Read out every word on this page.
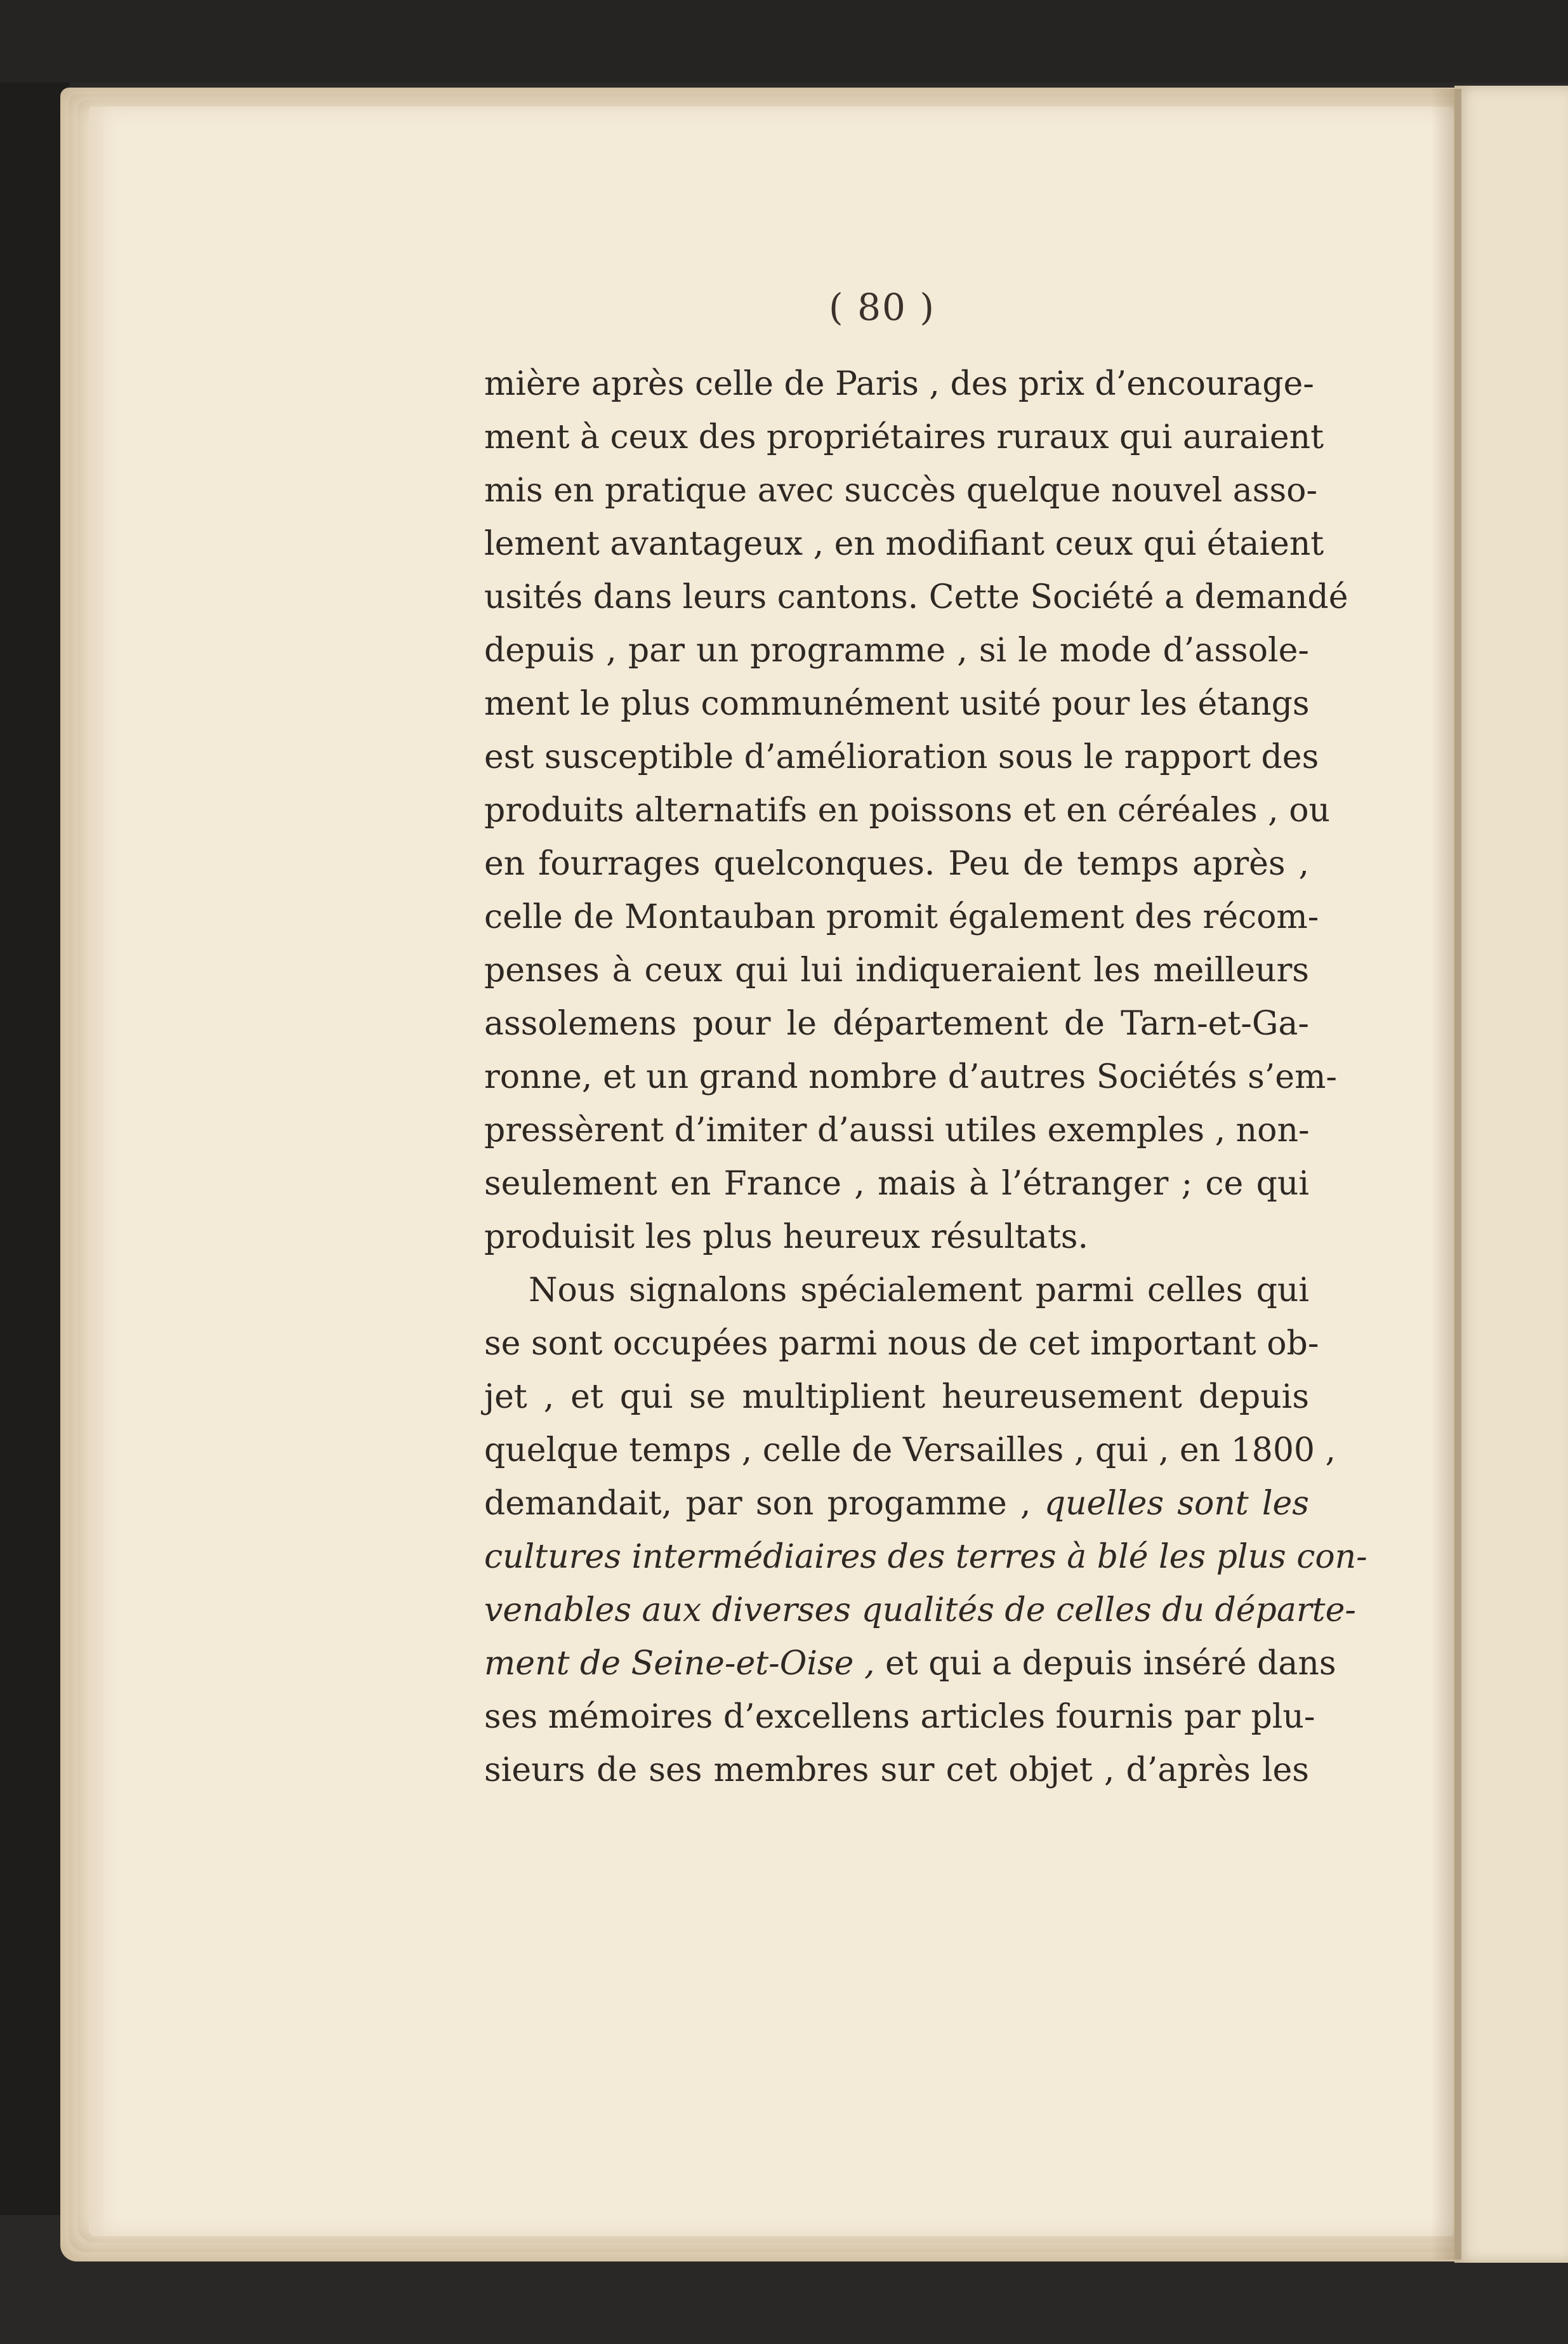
( 80 )
mière après celle de Paris , des prix d’encourage-
ment à ceux des propriétaires ruraux qui auraient
mis en pratique avec succès quelque nouvel asso-
lement avantageux , en modifiant ceux qui étaient
usités dans leurs cantons. Cette Société a demandé
depuis , par un programme , si le mode d’assole-
ment le plus communément usité pour les étangs
est susceptible d’amélioration sous le rapport des
produits alternatifs en poissons et en céréales , ou
en fourrages quelconques. Peu de temps après ,
celle de Montauban promit également des récom-
penses à ceux qui lui indiqueraient les meilleurs
assolemens pour le département de Tarn-et-Ga-
ronne, et un grand nombre d’autres Sociétés s’em-
pressèrent d’imiter d’aussi utiles exemples , non-
seulement en France , mais à l’étranger ; ce qui
produisit les plus heureux résultats.
Nous signalons spécialement parmi celles qui
se sont occupées parmi nous de cet important ob-
jet , et qui se multiplient heureusement depuis
quelque temps , celle de Versailles , qui , en 1800 ,
demandait, par son progamme , quelles sont les
cultures intermédiaires des terres à blé les plus con-
venables aux diverses qualités de celles du départe-
ment de Seine-et-Oise , et qui a depuis inséré dans
ses mémoires d’excellens articles fournis par plu-
sieurs de ses membres sur cet objet , d’après les
